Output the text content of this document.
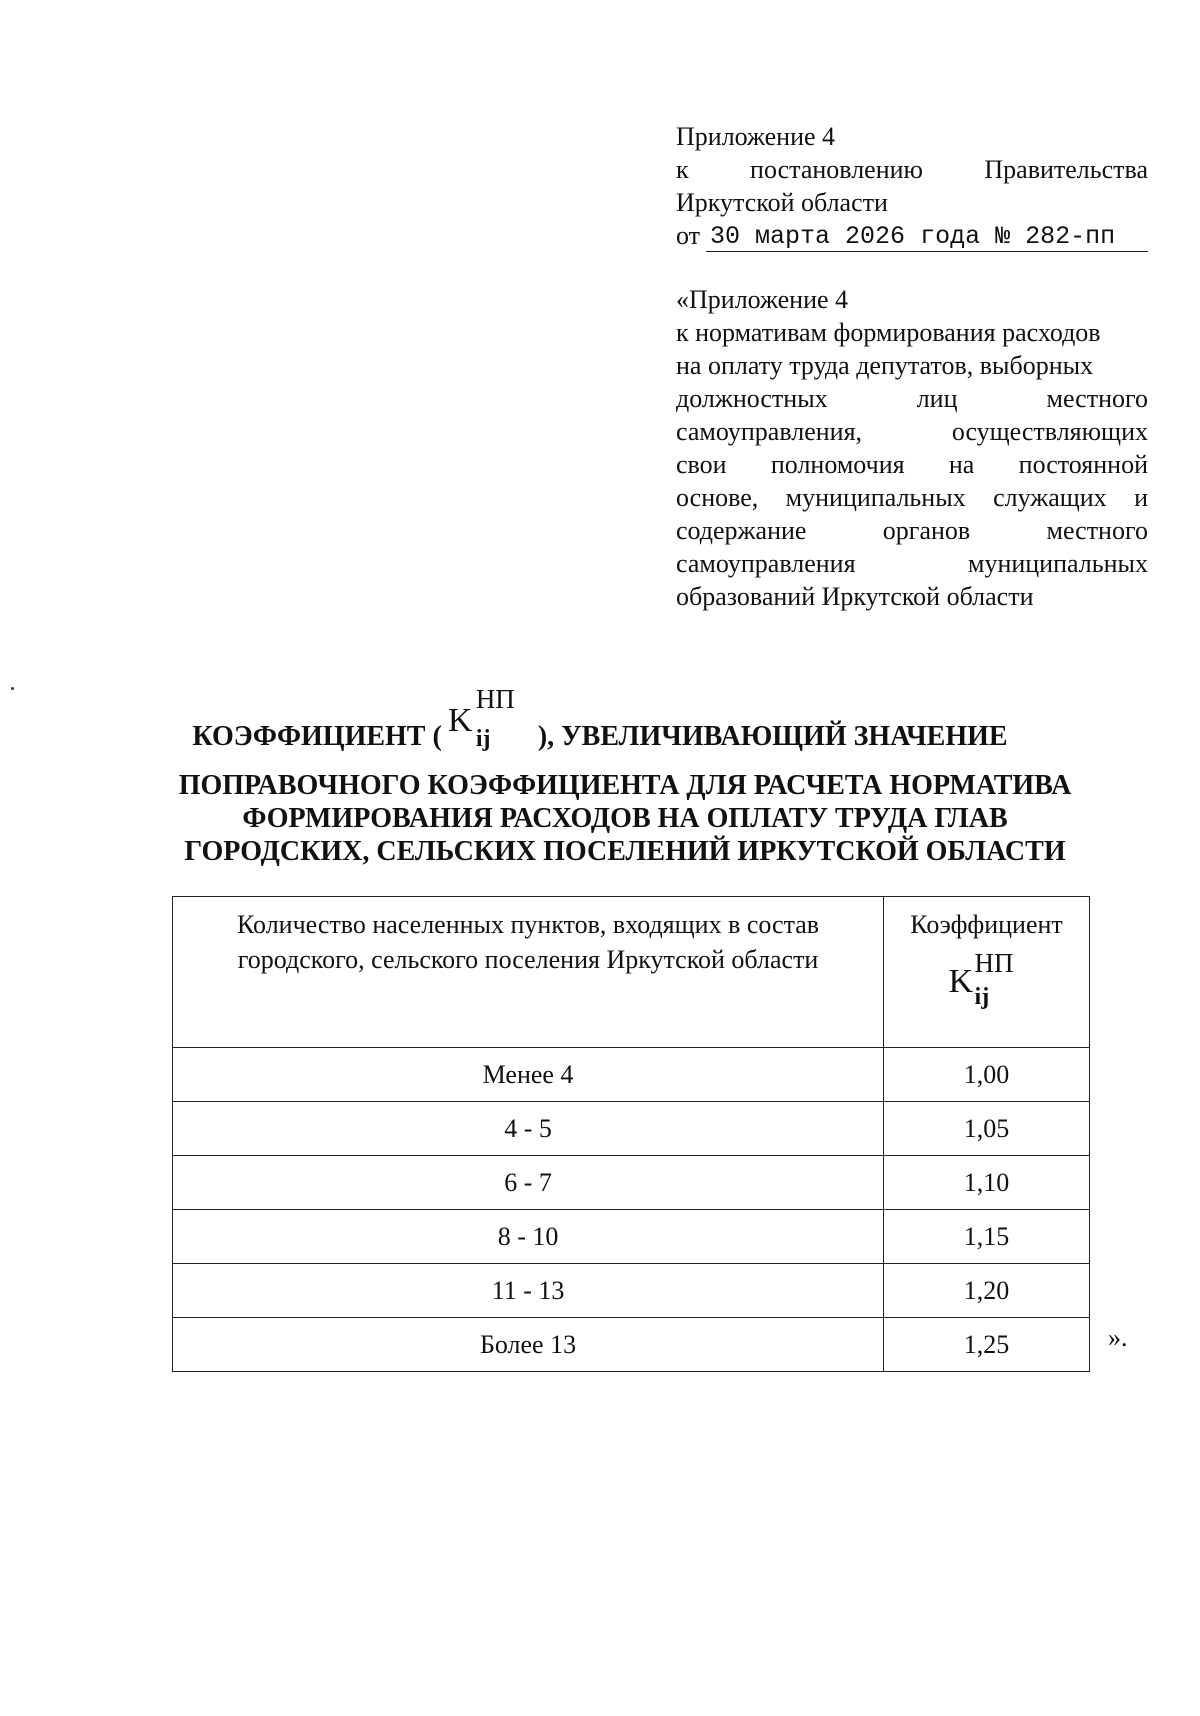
Приложение 4
к постановлению Правительства
Иркутской области
от 30 марта 2026 года № 282-пп
«Приложение 4
к нормативам формирования расходов
на оплату труда депутатов, выборных
должностных лиц местного
самоуправления, осуществляющих
свои полномочия на постоянной
основе, муниципальных служащих и
содержание органов местного
самоуправления муниципальных
образований Иркутской области
КОЭФФИЦИЕНТ ( K
НП
ij ), УВЕЛИЧИВАЮЩИЙ ЗНАЧЕНИЕ
ПОПРАВОЧНОГО КОЭФФИЦИЕНТА ДЛЯ РАСЧЕТА НОРМАТИВА
ФОРМИРОВАНИЯ РАСХОДОВ НА ОПЛАТУ ТРУДА ГЛАВ
ГОРОДСКИХ, СЕЛЬСКИХ ПОСЕЛЕНИЙ ИРКУТСКОЙ ОБЛАСТИ
Количество населенных пунктов, входящих в состав городского, сельского поселения Иркутской области	Коэффициент
K НП
ij

Менее 4	1,00
4 - 5	1,05
6 - 7	1,10
8 - 10	1,15
11 - 13	1,20
Более 13	1,25	».
